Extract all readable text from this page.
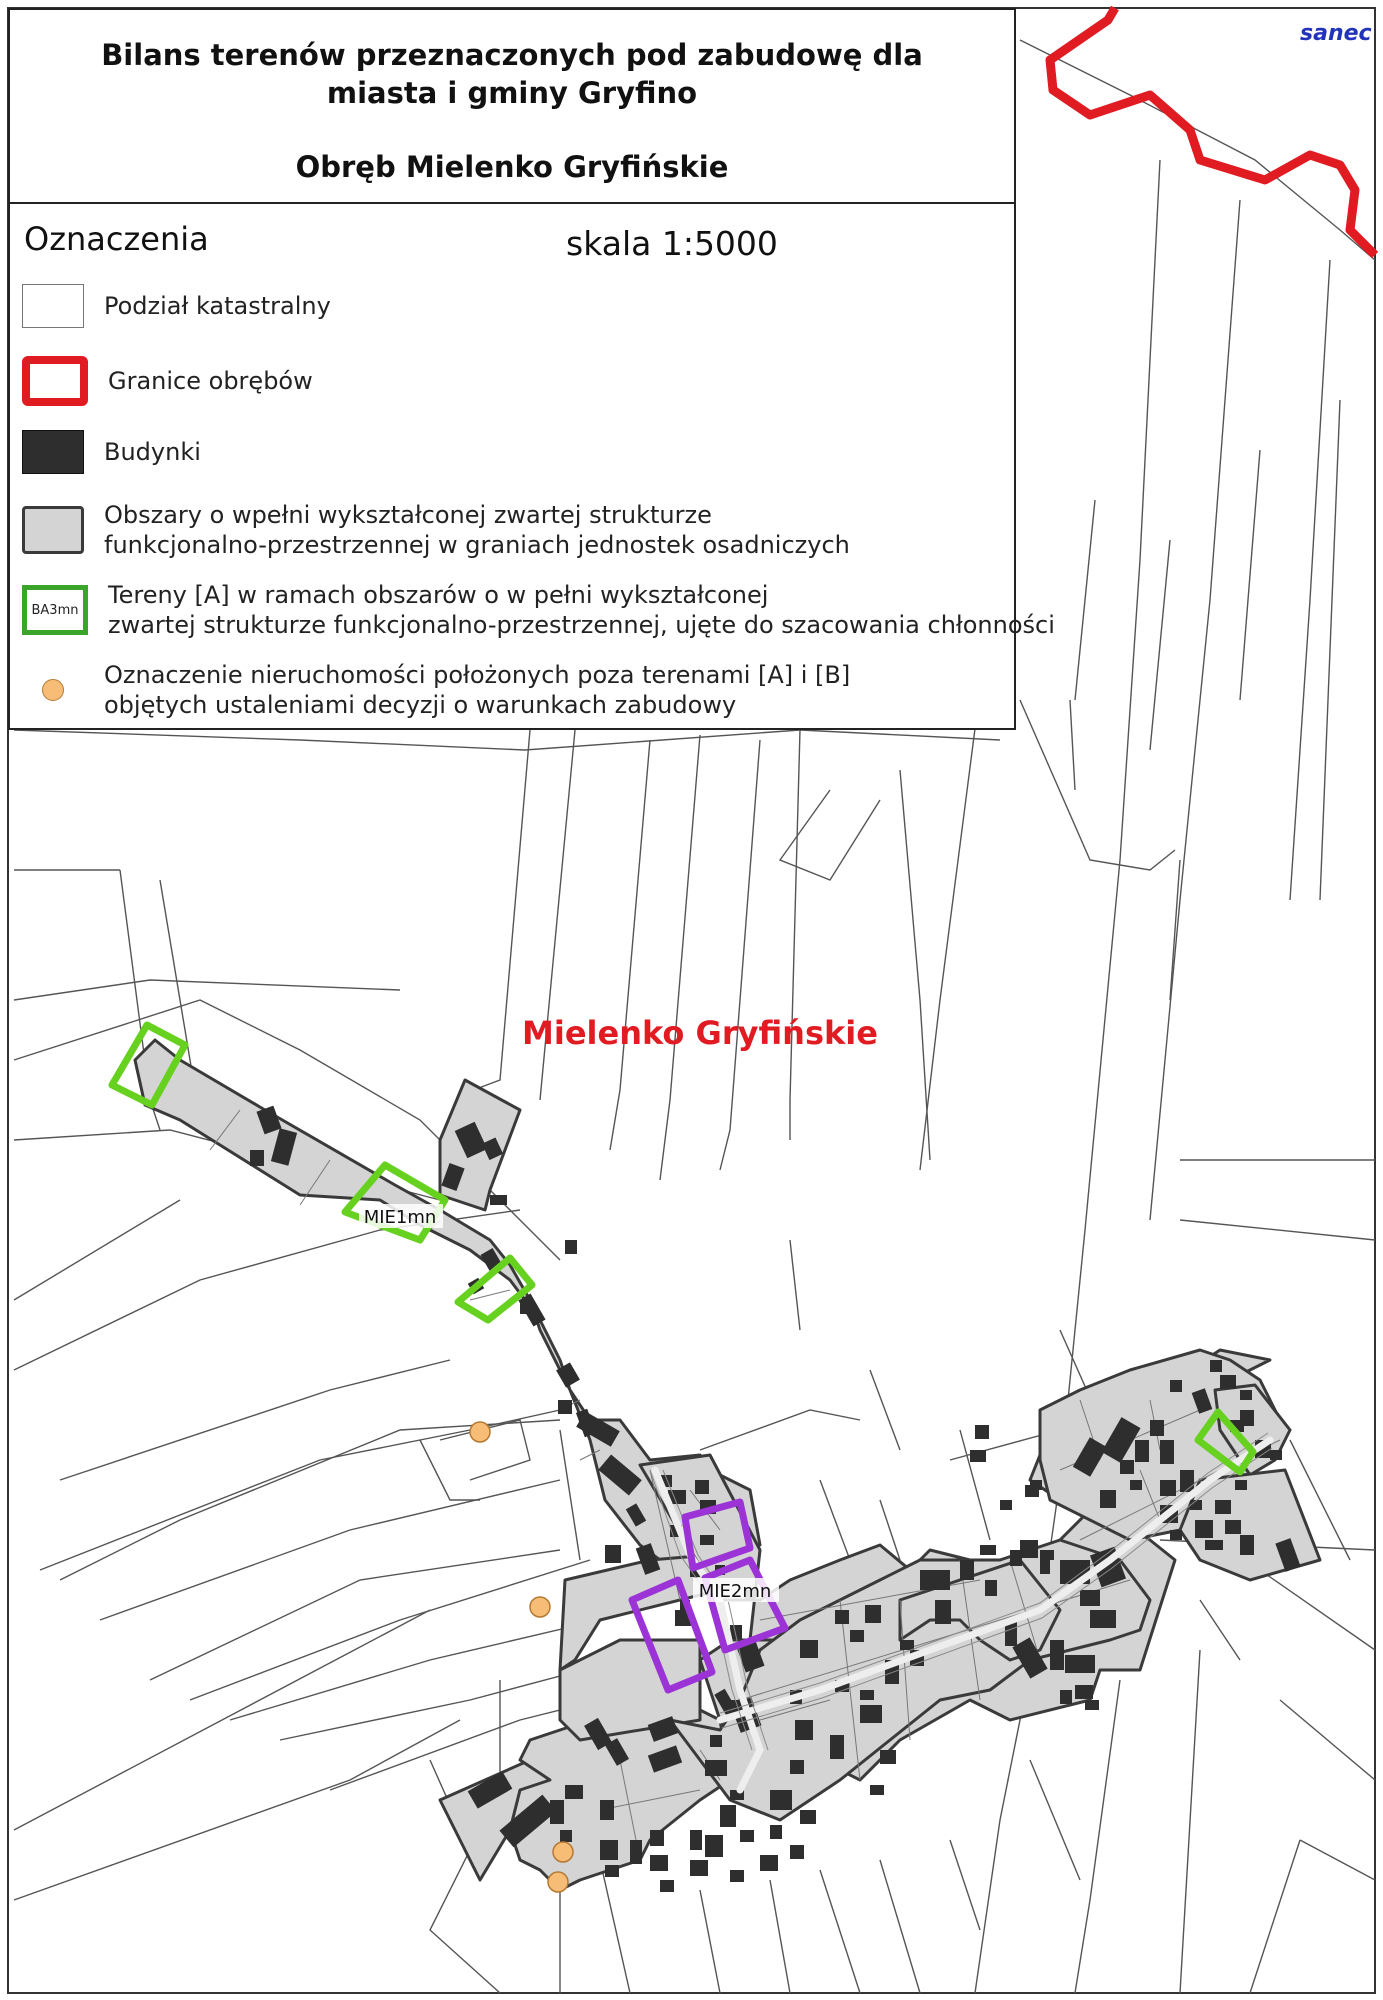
Mielenko Gryfińskie
sanec
MIE1mn
MIE2mn
Bilans terenów przeznaczonych pod zabudowę dla
miasta i gminy Gryfino
Obręb Mielenko Gryfińskie
Oznaczenia	skala 1:5000
Podział katastralny
Granice obrębów
Budynki
Obszary o wpełni wykształconej zwartej strukturze
funkcjonalno-przestrzennej w graniach jednostek osadniczych
BA3mn
Tereny [A] w ramach obszarów o w pełni wykształconej
zwartej strukturze funkcjonalno-przestrzennej, ujęte do szacowania chłonności
Oznaczenie nieruchomości położonych poza terenami [A] i [B]
objętych ustaleniami decyzji o warunkach zabudowy
